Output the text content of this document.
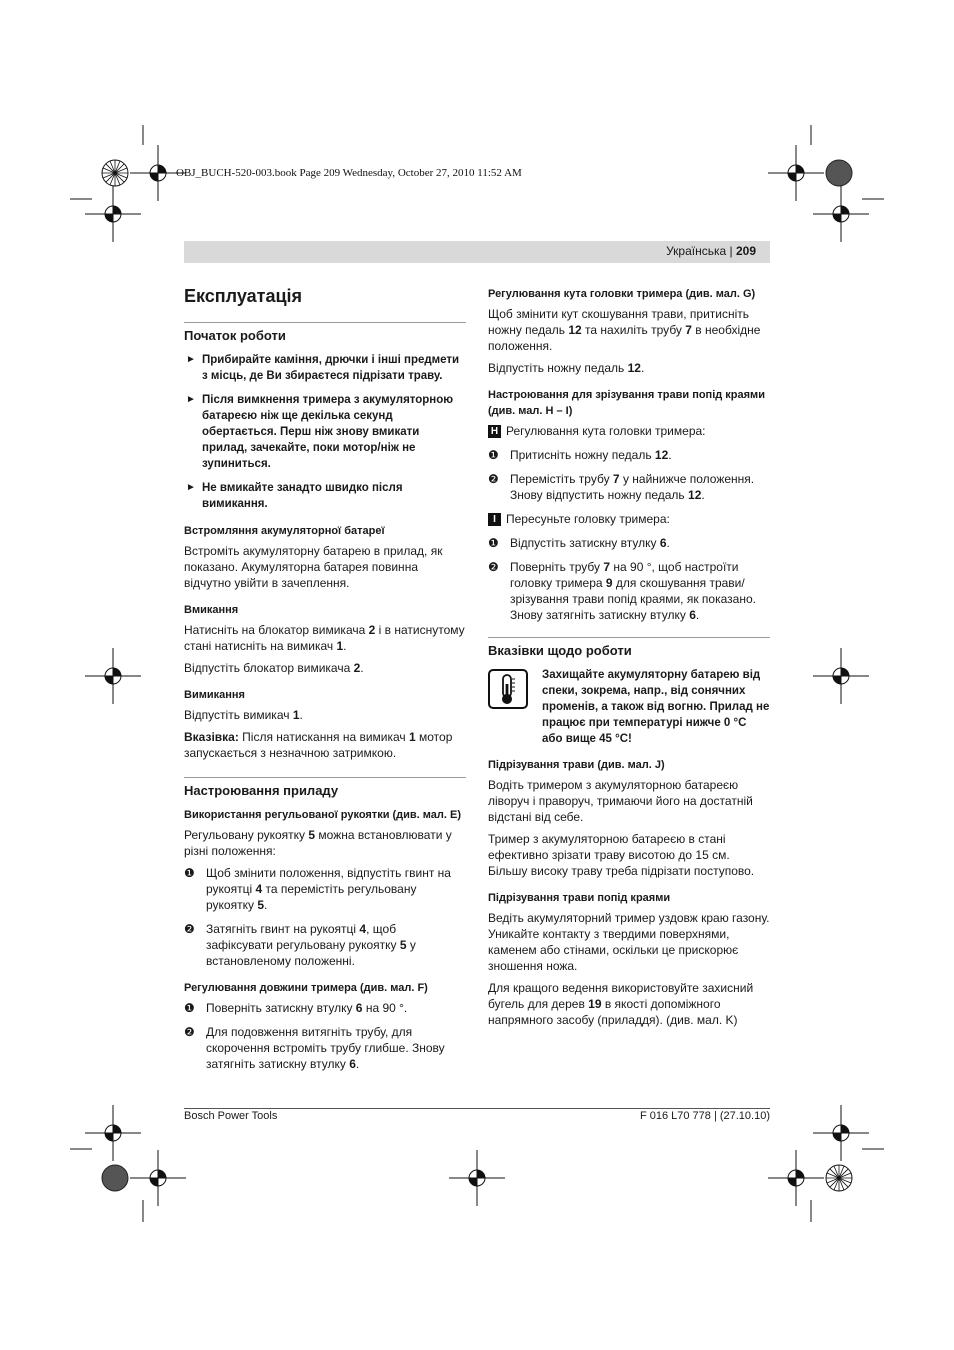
OBJ_BUCH-520-003.book Page 209 Wednesday, October 27, 2010 11:52 AM
Українська | 209
Експлуатація
Початок роботи
► Прибирайте каміння, дрючки і інші предмети з місць, де Ви збираєтеся підрізати траву.
► Після вимкнення тримера з акумуляторною батареєю ніж ще декілька секунд обертається. Перш ніж знову вмикати прилад, зачекайте, поки мотор/ніж не зупиниться.
► Не вмикайте занадто швидко після вимикання.
Встромляння акумуляторної батареї

Встроміть акумуляторну батарею в прилад, як показано. Акумуляторна батарея повинна відчутно увійти в зачеплення.

Вмикання

Натисніть на блокатор вимикача 2 і в натиснутому стані натисніть на вимикач 1.

Відпустіть блокатор вимикача 2.

Вимикання

Відпустіть вимикач 1.

Вказівка: Після натискання на вимикач 1 мотор запускається з незначною затримкою.

Настроювання приладу
Використання регульованої рукоятки (див. мал. E)

Регульовану рукоятку 5 можна встановлювати у різні положення:

❶ Щоб змінити положення, відпустіть гвинт на рукоятці 4 та перемістіть регульовану рукоятку 5.
❷ Затягніть гвинт на рукоятці 4, щоб зафіксувати регульовану рукоятку 5 у встановленому положенні.
Регулювання довжини тримера (див. мал. F)
❶ Поверніть затискну втулку 6 на 90 °.
❷ Для подовження витягніть трубу, для скорочення встроміть трубу глибше. Знову затягніть затискну втулку 6.
Регулювання кута головки тримера (див. мал. G)

Щоб змінити кут скошування трави, притисніть ножну педаль 12 та нахиліть трубу 7 в необхідне положення.

Відпустіть ножну педаль 12.

Настроювання для зрізування трави попід краями (див. мал. H – I)
H Регулювання кута головки тримера:
❶ Притисніть ножну педаль 12.
❷ Перемістіть трубу 7 у найнижче положення. Знову відпустить ножну педаль 12.
I Пересуньте головку тримера:
❶ Відпустіть затискну втулку 6.
❷ Поверніть трубу 7 на 90 °, щоб настроїти головку тримера 9 для скошування трави/зрізування трави попід краями, як показано. Знову затягніть затискну втулку 6.
Вказівки щодо роботи
Захищайте акумуляторну батарею від спеки, зокрема, напр., від сонячних променів, а також від вогню. Прилад не працює при температурі нижче 0 °C або вище 45 °C!
Підрізування трави (див. мал. J)

Водіть тримером з акумуляторною батареєю ліворуч і праворуч, тримаючи його на достатній відстані від себе.

Тример з акумуляторною батареєю в стані ефективно зрізати траву висотою до 15 см. Більшу високу траву треба підрізати поступово.

Підрізування трави попід краями

Ведіть акумуляторний тример уздовж краю газону. Уникайте контакту з твердими поверхнями, каменем або стінами, оскільки це прискорює зношення ножа.

Для кращого ведення використовуйте захисний бугель для дерев 19 в якості допоміжного напрямного засобу (приладдя). (див. мал. K)

Bosch Power Tools	F 016 L70 778 | (27.10.10)
